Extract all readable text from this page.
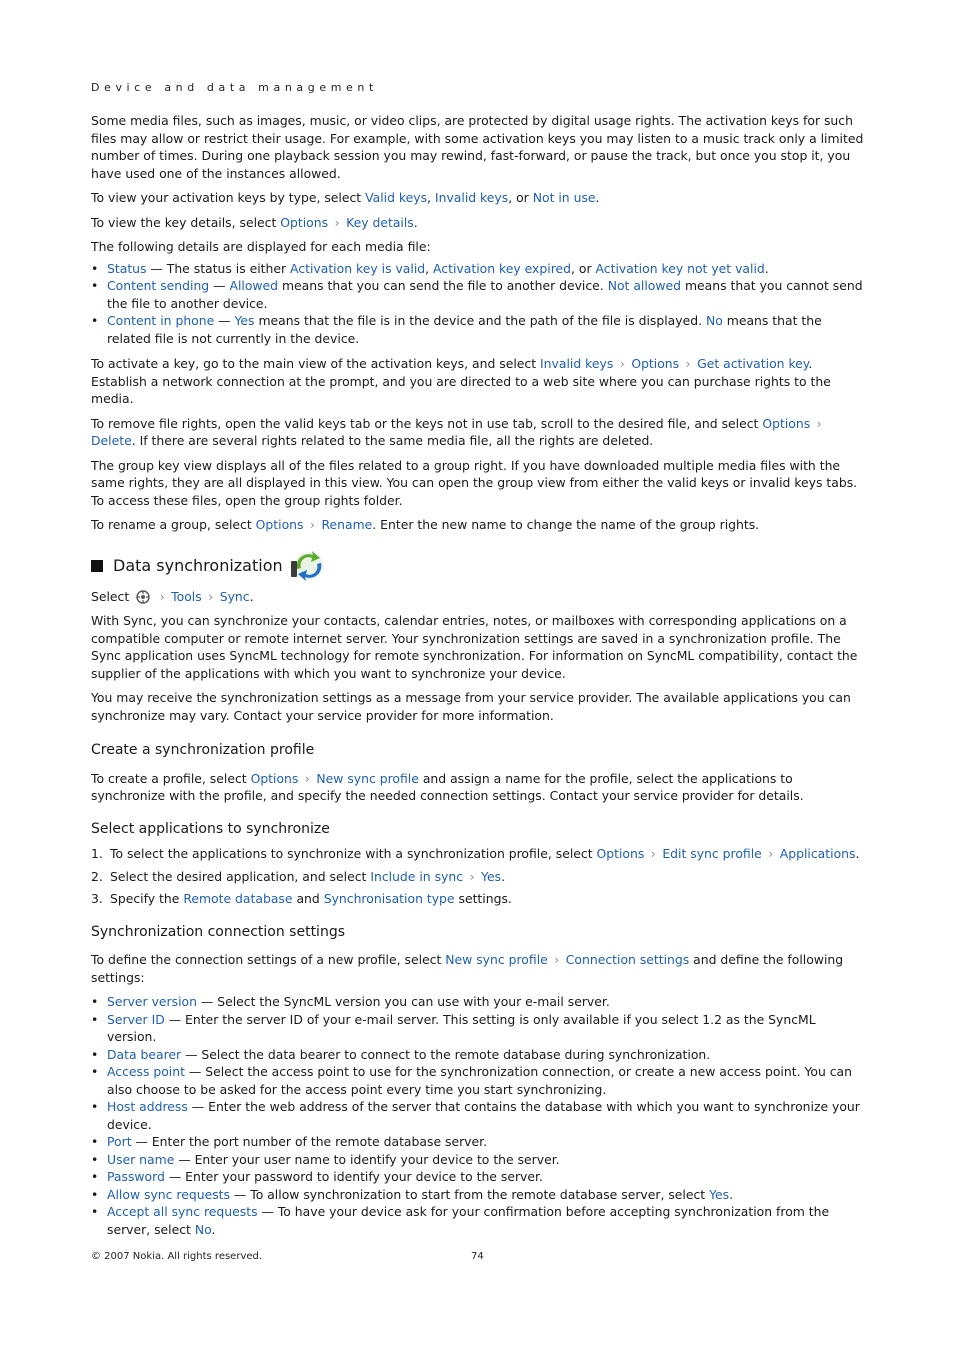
Device and data management

Some media files, such as images, music, or video clips, are protected by digital usage rights. The activation keys for such files may allow or restrict their usage. For example, with some activation keys you may listen to a music track only a limited number of times. During one playback session you may rewind, fast-forward, or pause the track, but once you stop it, you have used one of the instances allowed.

To view your activation keys by type, select Valid keys, Invalid keys, or Not in use.

To view the key details, select Options › Key details.

The following details are displayed for each media file:

• Status — The status is either Activation key is valid, Activation key expired, or Activation key not yet valid.
• Content sending — Allowed means that you can send the file to another device. Not allowed means that you cannot send the file to another device.
• Content in phone — Yes means that the file is in the device and the path of the file is displayed. No means that the related file is not currently in the device.

To activate a key, go to the main view of the activation keys, and select Invalid keys › Options › Get activation key. Establish a network connection at the prompt, and you are directed to a web site where you can purchase rights to the media.

To remove file rights, open the valid keys tab or the keys not in use tab, scroll to the desired file, and select Options ›Delete. If there are several rights related to the same media file, all the rights are deleted.

The group key view displays all of the files related to a group right. If you have downloaded multiple media files with the same rights, they are all displayed in this view. You can open the group view from either the valid keys or invalid keys tabs. To access these files, open the group rights folder.

To rename a group, select Options › Rename. Enter the new name to change the name of the group rights.

Data synchronization

Select › Tools › Sync.

With Sync, you can synchronize your contacts, calendar entries, notes, or mailboxes with corresponding applications on a compatible computer or remote internet server. Your synchronization settings are saved in a synchronization profile. The Sync application uses SyncML technology for remote synchronization. For information on SyncML compatibility, contact the supplier of the applications with which you want to synchronize your device.

You may receive the synchronization settings as a message from your service provider. The available applications you can synchronize may vary. Contact your service provider for more information.

Create a synchronization profile

To create a profile, select Options › New sync profile and assign a name for the profile, select the applications to synchronize with the profile, and specify the needed connection settings. Contact your service provider for details.

Select applications to synchronize
1. To select the applications to synchronize with a synchronization profile, select Options › Edit sync profile › Applications.
2. Select the desired application, and select Include in sync › Yes.
3. Specify the Remote database and Synchronisation type settings.
Synchronization connection settings

To define the connection settings of a new profile, select New sync profile › Connection settings and define the following settings:

• Server version — Select the SyncML version you can use with your e-mail server.
• Server ID — Enter the server ID of your e-mail server. This setting is only available if you select 1.2 as the SyncML version.
• Data bearer — Select the data bearer to connect to the remote database during synchronization.
• Access point — Select the access point to use for the synchronization connection, or create a new access point. You can also choose to be asked for the access point every time you start synchronizing.
• Host address — Enter the web address of the server that contains the database with which you want to synchronize your device.
• Port — Enter the port number of the remote database server.
• User name — Enter your user name to identify your device to the server.
• Password — Enter your password to identify your device to the server.
• Allow sync requests — To allow synchronization to start from the remote database server, select Yes.
• Accept all sync requests — To have your device ask for your confirmation before accepting synchronization from the server, select No.
© 2007 Nokia. All rights reserved.	74
